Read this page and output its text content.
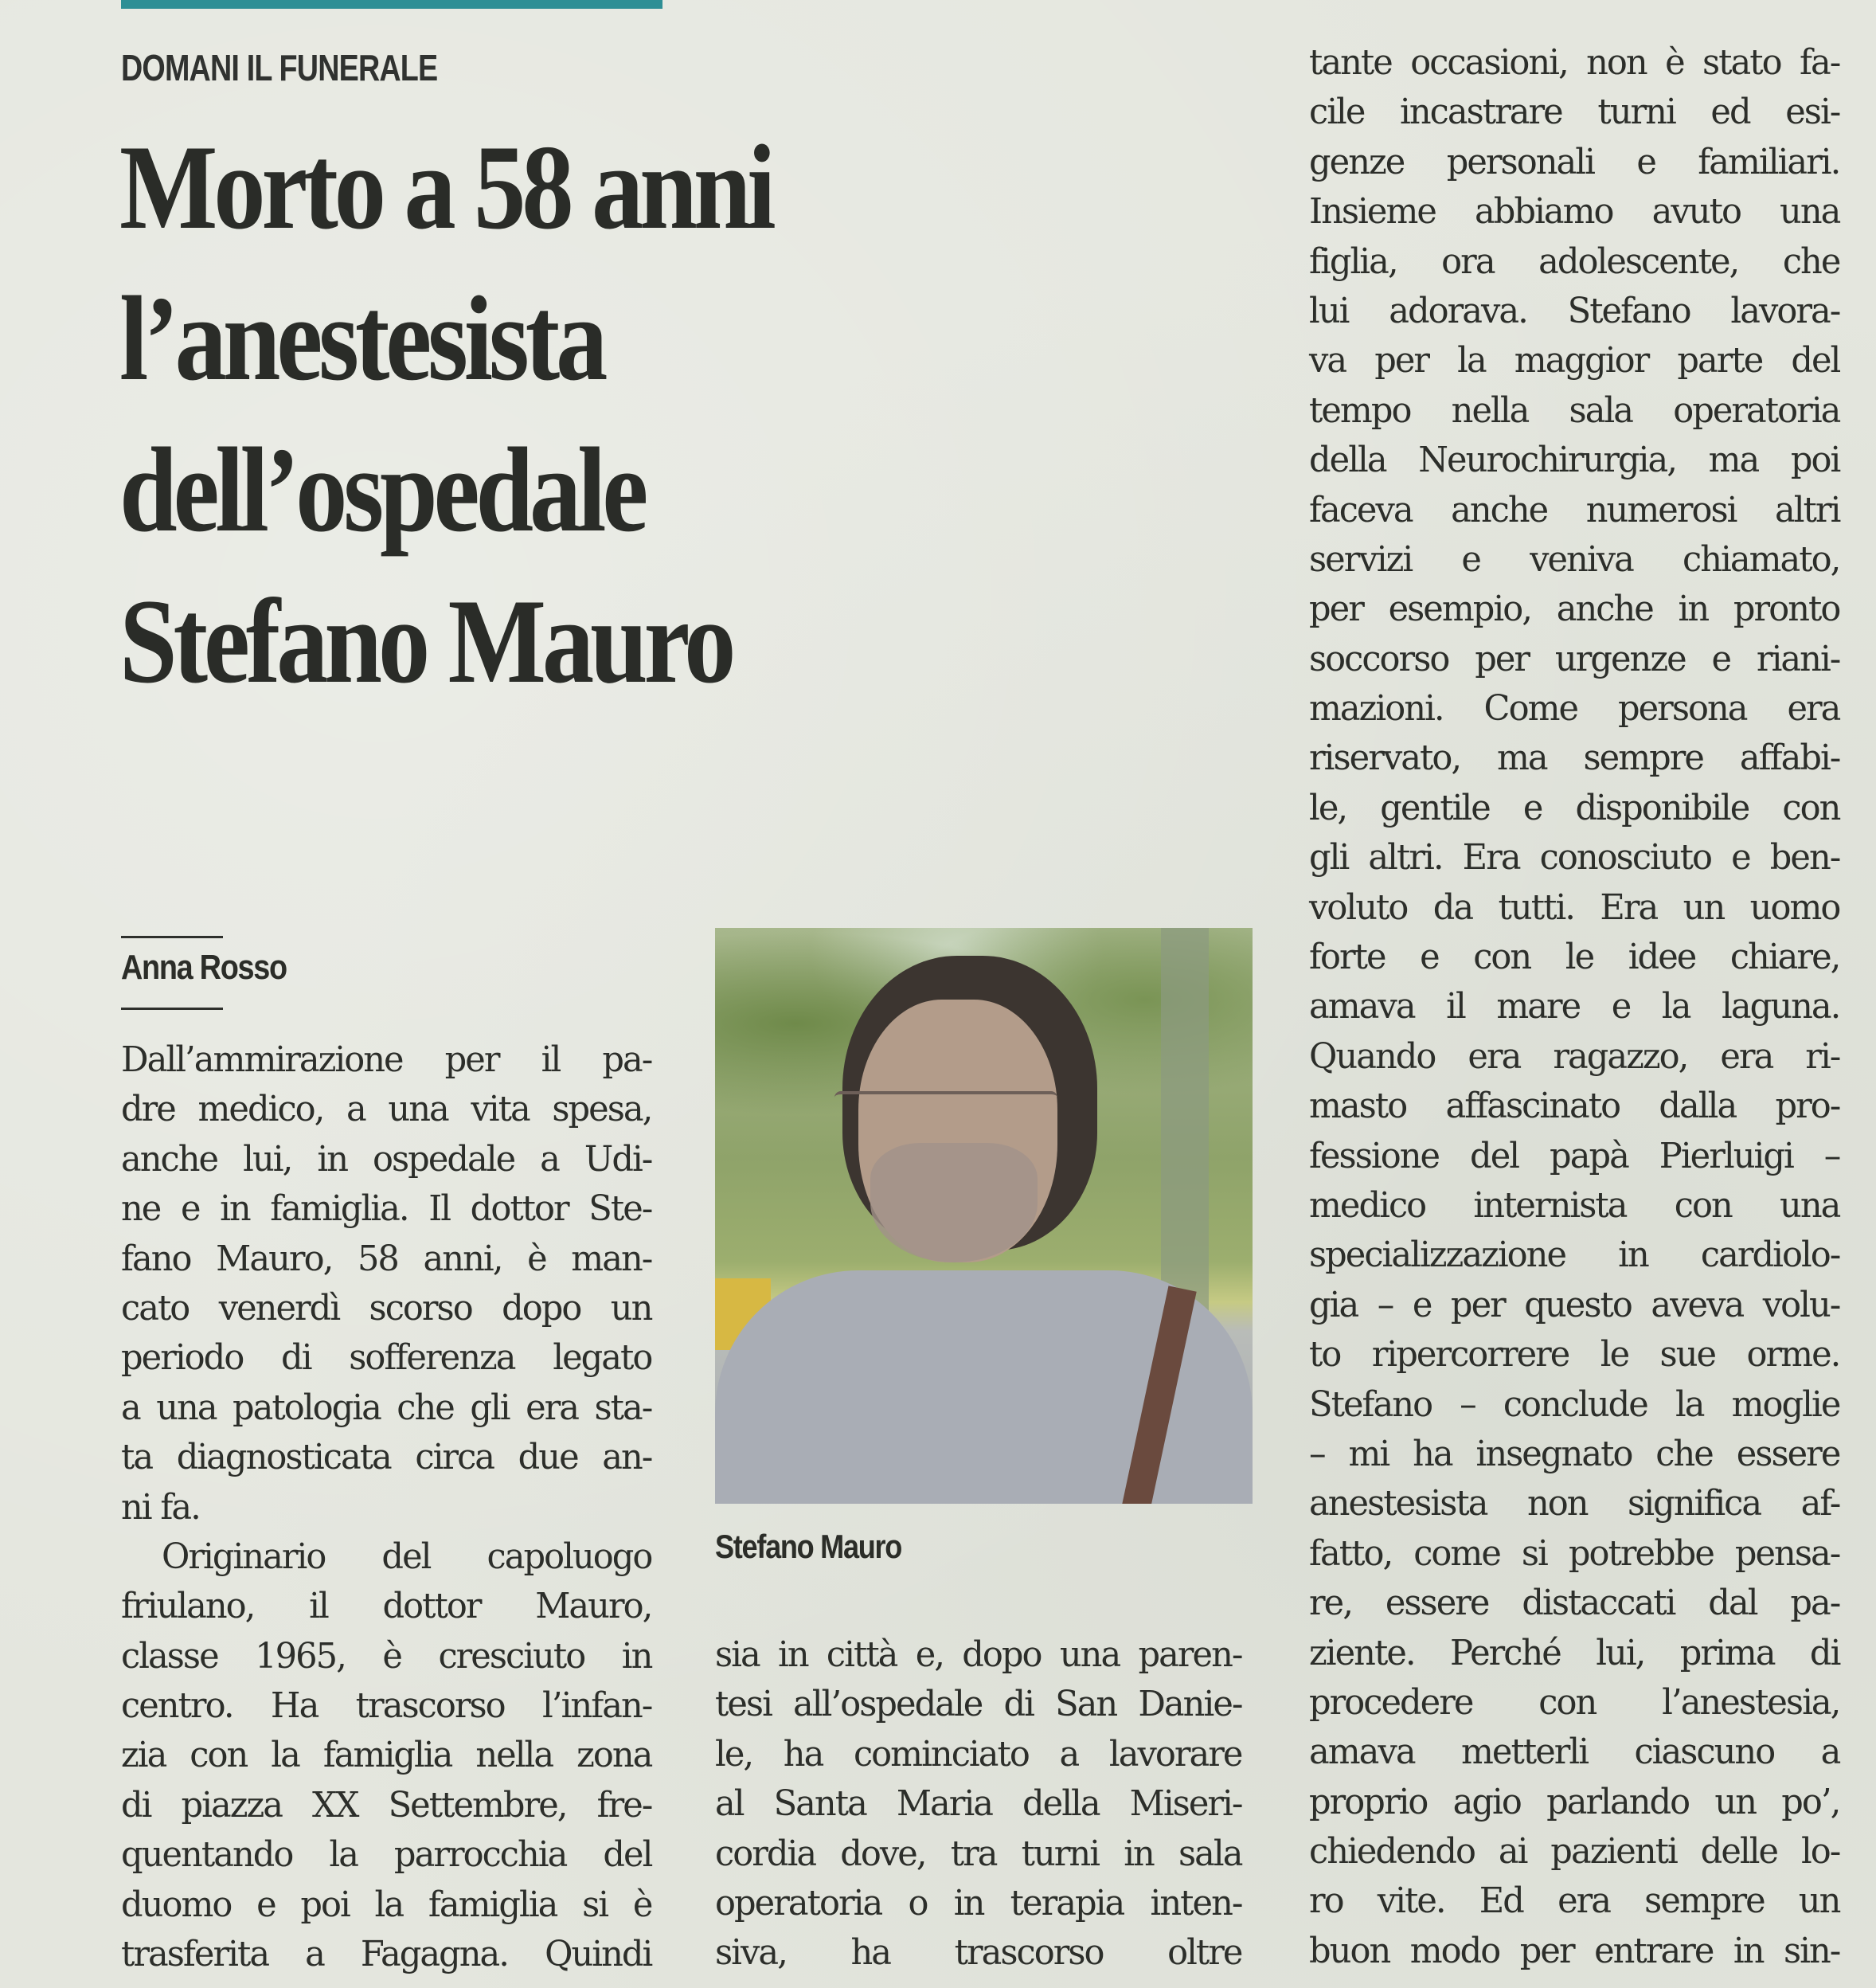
DOMANI IL FUNERALE
Morto a 58 anni
l’anestesista
dell’ospedale
Stefano Mauro
Anna Rosso
Dall’ammirazione per il pa-
dre medico, a una vita spesa,
anche lui, in ospedale a Udi-
ne e in famiglia. Il dottor Ste-
fano Mauro, 58 anni, è man-
cato venerdì scorso dopo un
periodo di sofferenza legato
a una patologia che gli era sta-
ta diagnosticata circa due an-
ni fa.
Originario del capoluogo
friulano, il dottor Mauro,
classe 1965, è cresciuto in
centro. Ha trascorso l’infan-
zia con la famiglia nella zona
di piazza XX Settembre, fre-
quentando la parrocchia del
duomo e poi la famiglia si è
trasferita a Fagagna. Quindi
Stefano Mauro
sia in città e, dopo una paren-
tesi all’ospedale di San Danie-
le, ha cominciato a lavorare
al Santa Maria della Miseri-
cordia dove, tra turni in sala
operatoria o in terapia inten-
siva, ha trascorso oltre
tante occasioni, non è stato fa-
cile incastrare turni ed esi-
genze personali e familiari.
Insieme abbiamo avuto una
figlia, ora adolescente, che
lui adorava. Stefano lavora-
va per la maggior parte del
tempo nella sala operatoria
della Neurochirurgia, ma poi
faceva anche numerosi altri
servizi e veniva chiamato,
per esempio, anche in pronto
soccorso per urgenze e riani-
mazioni. Come persona era
riservato, ma sempre affabi-
le, gentile e disponibile con
gli altri. Era conosciuto e ben-
voluto da tutti. Era un uomo
forte e con le idee chiare,
amava il mare e la laguna.
Quando era ragazzo, era ri-
masto affascinato dalla pro-
fessione del papà Pierluigi –
medico internista con una
specializzazione in cardiolo-
gia – e per questo aveva volu-
to ripercorrere le sue orme.
Stefano – conclude la moglie
– mi ha insegnato che essere
anestesista non significa af-
fatto, come si potrebbe pensa-
re, essere distaccati dal pa-
ziente. Perché lui, prima di
procedere con l’anestesia,
amava metterli ciascuno a
proprio agio parlando un po’,
chiedendo ai pazienti delle lo-
ro vite. Ed era sempre un
buon modo per entrare in sin-
